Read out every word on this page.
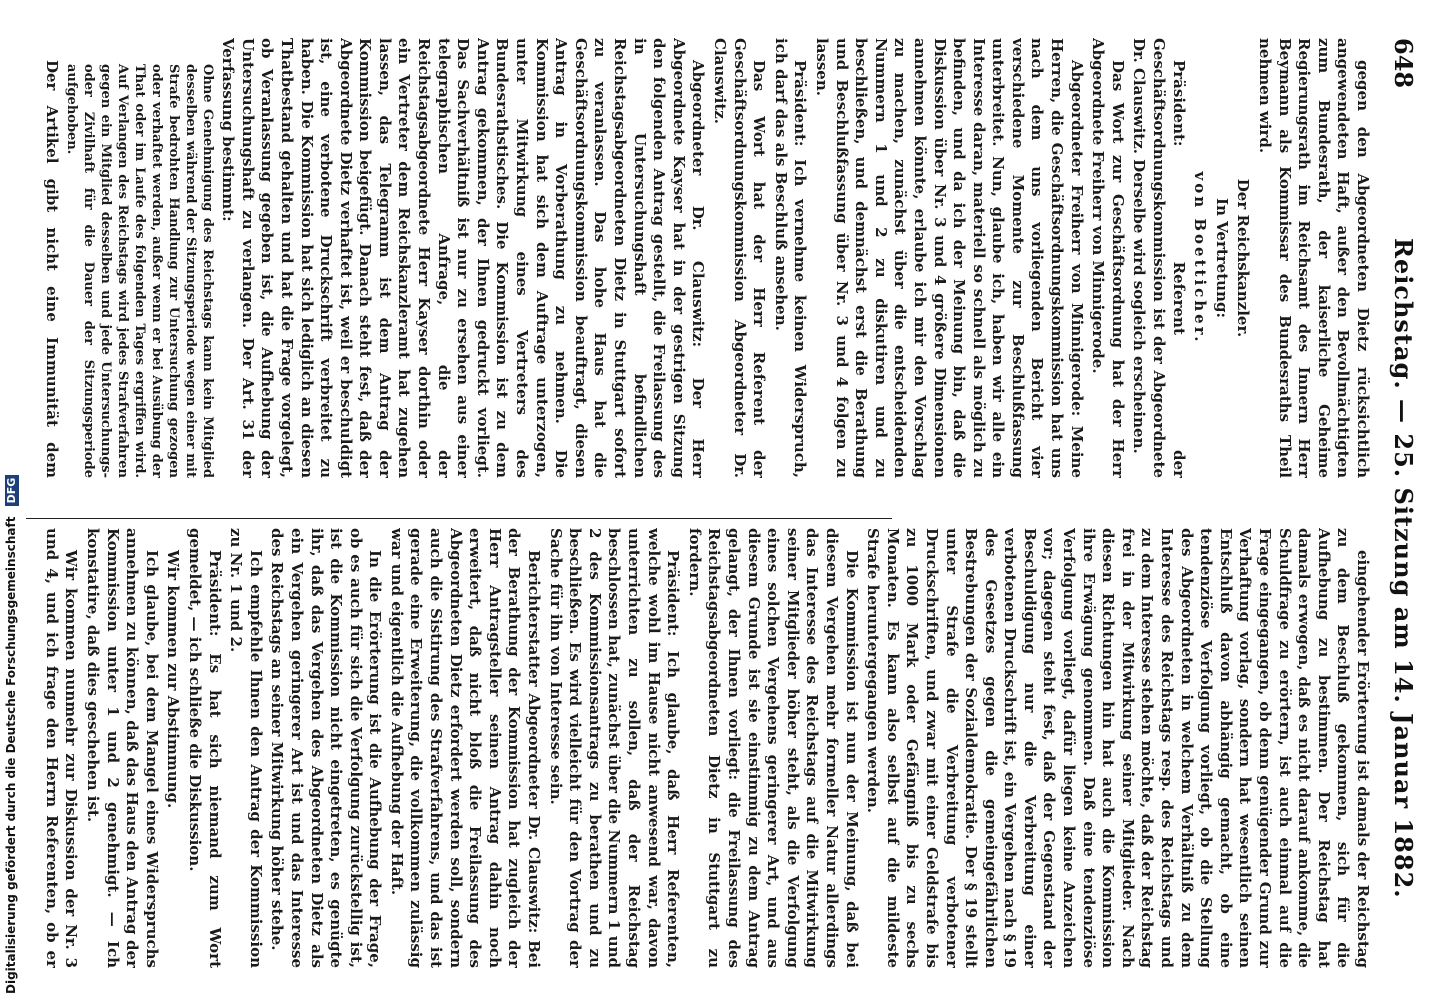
648
Reichstag. — 25. Sitzung am 14. Januar 1882.

gegen den Abgeordneten Dietz rücksichtlich angewendeten Haft, außer den Bevollmächtigten zum Bundesrath, der kaiserliche Geheime Regierungsrath im Reichsamt des Innern Herr Beymann als Kommissar des Bundesraths Theil nehmen wird.

Der Reichskanzler.

In Vertretung:

von Boetticher.

Präsident: Referent der Geschäftsordnungskommission ist der Abgeordnete Dr. Clauswitz. Derselbe wird sogleich erscheinen.

Das Wort zur Geschäftsordnung hat der Herr Abgeordnete Freiherr von Minnigerode.

Abgeordneter Freiherr von Minnigerode: Meine Herren, die Geschäftsordnungskommission hat uns nach dem uns vorliegenden Bericht vier verschiedene Momente zur Beschlußfassung unterbreitet. Nun, glaube ich, haben wir alle ein Interesse daran, materiell so schnell als möglich zu befinden, und da ich der Meinung bin, daß die Diskussion über Nr. 3 und 4 größere Dimensionen annehmen könnte, erlaube ich mir den Vorschlag zu machen, zunächst über die entscheidenden Nummern 1 und 2 zu diskutiren und zu beschließen, und demnächst erst die Berathung und Beschlußfassung über Nr. 3 und 4 folgen zu lassen.

Präsident: Ich vernehme keinen Widerspruch, ich darf das als Beschluß ansehen.

Das Wort hat der Herr Referent der Geschäftsordnungskommission Abgeordneter Dr. Clauswitz.

Abgeordneter Dr. Clauswitz: Der Herr Abgeordnete Kayser hat in der gestrigen Sitzung den folgenden Antrag gestellt, die Freilassung des in Untersuchungshaft befindlichen Reichstagsabgeordneten Dietz in Stuttgart sofort zu veranlassen. Das hohe Haus hat die Geschäftsordnungskommission beauftragt, diesen Antrag in Vorberathung zu nehmen. Die Kommission hat sich dem Auftrage unterzogen, unter Mitwirkung eines Vertreters des Bundesrathstisches. Die Kommission ist zu dem Antrag gekommen, der Ihnen gedruckt vorliegt. Das Sachverhältniß ist nur zu ersehen aus einer telegraphischen Anfrage, die der Reichstagsabgeordnete Herr Kayser dorthin oder ein Vertreter dem Reichskanzleramt hat zugehen lassen, das Telegramm ist dem Antrag der Kommission beigefügt. Danach steht fest, daß der Abgeordnete Dietz verhaftet ist, weil er beschuldigt ist, eine verbotene Druckschrift verbreitet zu haben. Die Kommission hat sich lediglich an diesen Thatbestand gehalten und hat die Frage vorgelegt, ob Veranlassung gegeben ist, die Aufhebung der Untersuchungshaft zu verlangen. Der Art. 31 der Verfassung bestimmt:

Ohne Genehmigung des Reichstags kann kein Mitglied desselben während der Sitzungsperiode wegen einer mit Strafe bedrohten Handlung zur Untersuchung gezogen oder verhaftet werden, außer wenn er bei Ausübung der That oder im Laufe des folgenden Tages ergriffen wird. Auf Verlangen des Reichstags wird jedes Strafverfahren gegen ein Mitglied desselben und jede Untersuchungs- oder Zivilhaft für die Dauer der Sitzungsperiode aufgehoben.

Der Artikel gibt nicht eine Immunität dem

eingehender Erörterung ist damals der Reichstag zu dem Beschluß gekommen, sich für die Aufhebung zu bestimmen. Der Reichstag hat damals erwogen, daß es nicht darauf ankomme, die Schuldfrage zu erörtern, ist auch einmal auf die Frage eingegangen, ob denn genügender Grund zur Verhaftung vorlag, sondern hat wesentlich seinen Entschluß davon abhängig gemacht, ob eine tendenziöse Verfolgung vorliegt, ob die Stellung des Abgeordneten in welchem Verhältniß zu dem Interesse des Reichstags resp. des Reichstags und zu dem Interesse stehen möchte, daß der Reichstag frei in der Mitwirkung seiner Mitglieder. Nach diesen Richtungen hin hat auch die Kommission ihre Erwägung genommen. Daß eine tendenziöse Verfolgung vorliegt, dafür liegen keine Anzeichen vor; dagegen steht fest, daß der Gegenstand der Beschuldigung nur die Verbreitung einer verbotenen Druckschrift ist, ein Vergehen nach § 19 des Gesetzes gegen die gemeingefährlichen Bestrebungen der Sozialdemokratie. Der § 19 stellt unter Strafe die Verbreitung verbotener Druckschriften, und zwar mit einer Geldstrafe bis zu 1000 Mark oder Gefängniß bis zu sechs Monaten. Es kann also selbst auf die mildeste Strafe heruntergegangen werden.

Die Kommission ist nun der Meinung, daß bei diesem Vergehen mehr formeller Natur allerdings das Interesse des Reichstags auf die Mitwirkung seiner Mitglieder höher steht, als die Verfolgung eines solchen Vergehens geringerer Art, und aus diesem Grunde ist sie einstimmig zu dem Antrag gelangt, der Ihnen vorliegt: die Freilassung des Reichstagsabgeordneten Dietz in Stuttgart zu fordern.

Präsident: Ich glaube, daß Herr Referenten, welche wohl im Hause nicht anwesend war, davon unterrichten zu sollen, daß der Reichstag beschlossen hat, zunächst über die Nummern 1 und 2 des Kommissionsantrags zu berathen und zu beschließen. Es wird vielleicht für den Vortrag der Sache für ihn von Interesse sein.

Berichterstatter Abgeordneter Dr. Clauswitz: Bei der Berathung der Kommission hat zugleich der Herr Antragsteller seinen Antrag dahin noch erweitert, daß nicht bloß die Freilassung des Abgeordneten Dietz erfordert werden soll, sondern auch die Sistirung des Strafverfahrens, und das ist gerade eine Erweiterung, die vollkommen zulässig war und eigentlich die Aufhebung der Haft.

In die Erörterung ist die Aufhebung der Frage, ob es auch für sich die Verfolgung zurückstellig ist, ist die Kommission nicht eingetreten, es genügte ihr, daß das Vergehen des Abgeordneten Dietz als ein Vergehen geringerer Art ist und das Interesse des Reichstags an seiner Mitwirkung höher stehe.

Ich empfehle Ihnen den Antrag der Kommission zu Nr. 1 und 2.

Präsident: Es hat sich niemand zum Wort gemeldet, — ich schließe die Diskussion.

Wir kommen zur Abstimmung.

Ich glaube, bei dem Mangel eines Widerspruchs annehmen zu können, daß das Haus den Antrag der Kommission unter 1 und 2 genehmigt. — Ich konstatire, daß dies geschehen ist.

Wir kommen nunmehr zur Diskussion der Nr. 3 und 4, und ich frage den Herrn Referenten, ob er

Digitalisierung gefördert durch die Deutsche Forschungsgemeinschaft DFG
